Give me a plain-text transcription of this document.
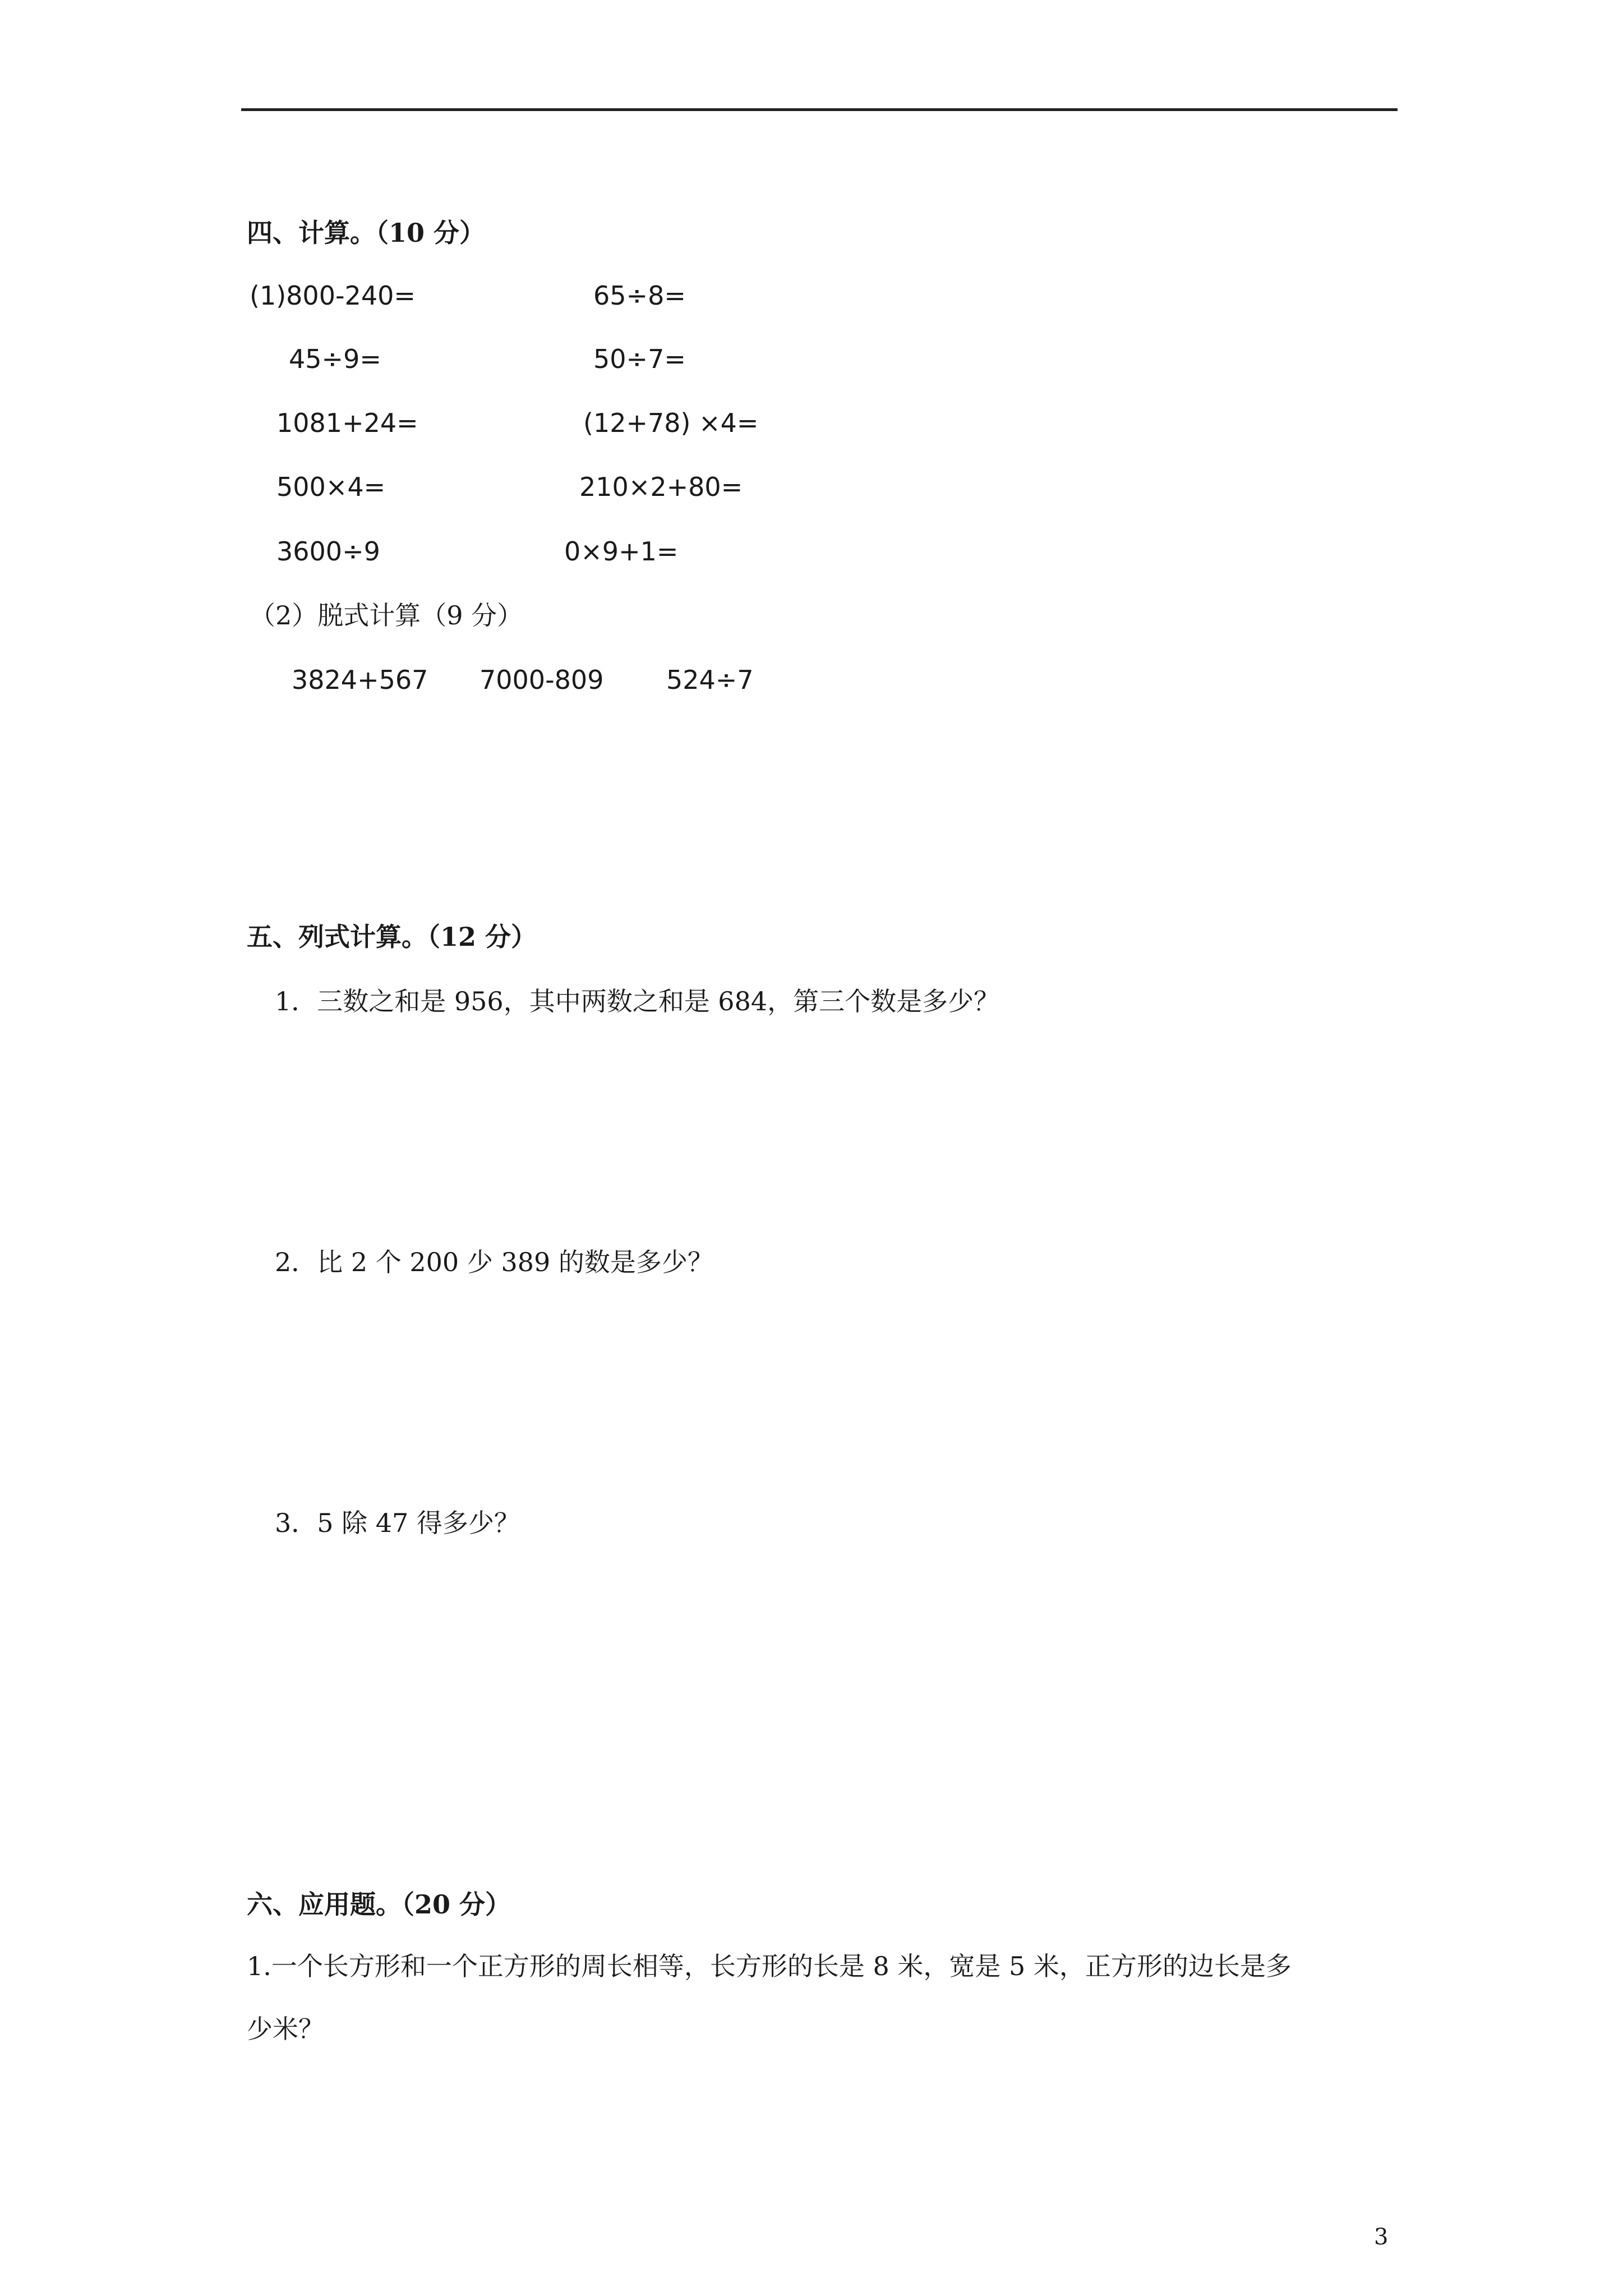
四、计算。（10 分）
(1)800-240=	65÷8=
45÷9=	50÷7=
1081+24=	(12+78) ×4=
500×4=	210×2+80=
3600÷9	0×9+1=
（2）脱式计算（9 分）
3824+567 7000-809 524÷7
五、列式计算。（12 分）
1．三数之和是 956，其中两数之和是 684，第三个数是多少？
2．比 2 个 200 少 389 的数是多少？
3．5 除 47 得多少？
六、应用题。（20 分）
1.一个长方形和一个正方形的周长相等，长方形的长是 8 米，宽是 5 米，正方形的边长是多
少米？
3
